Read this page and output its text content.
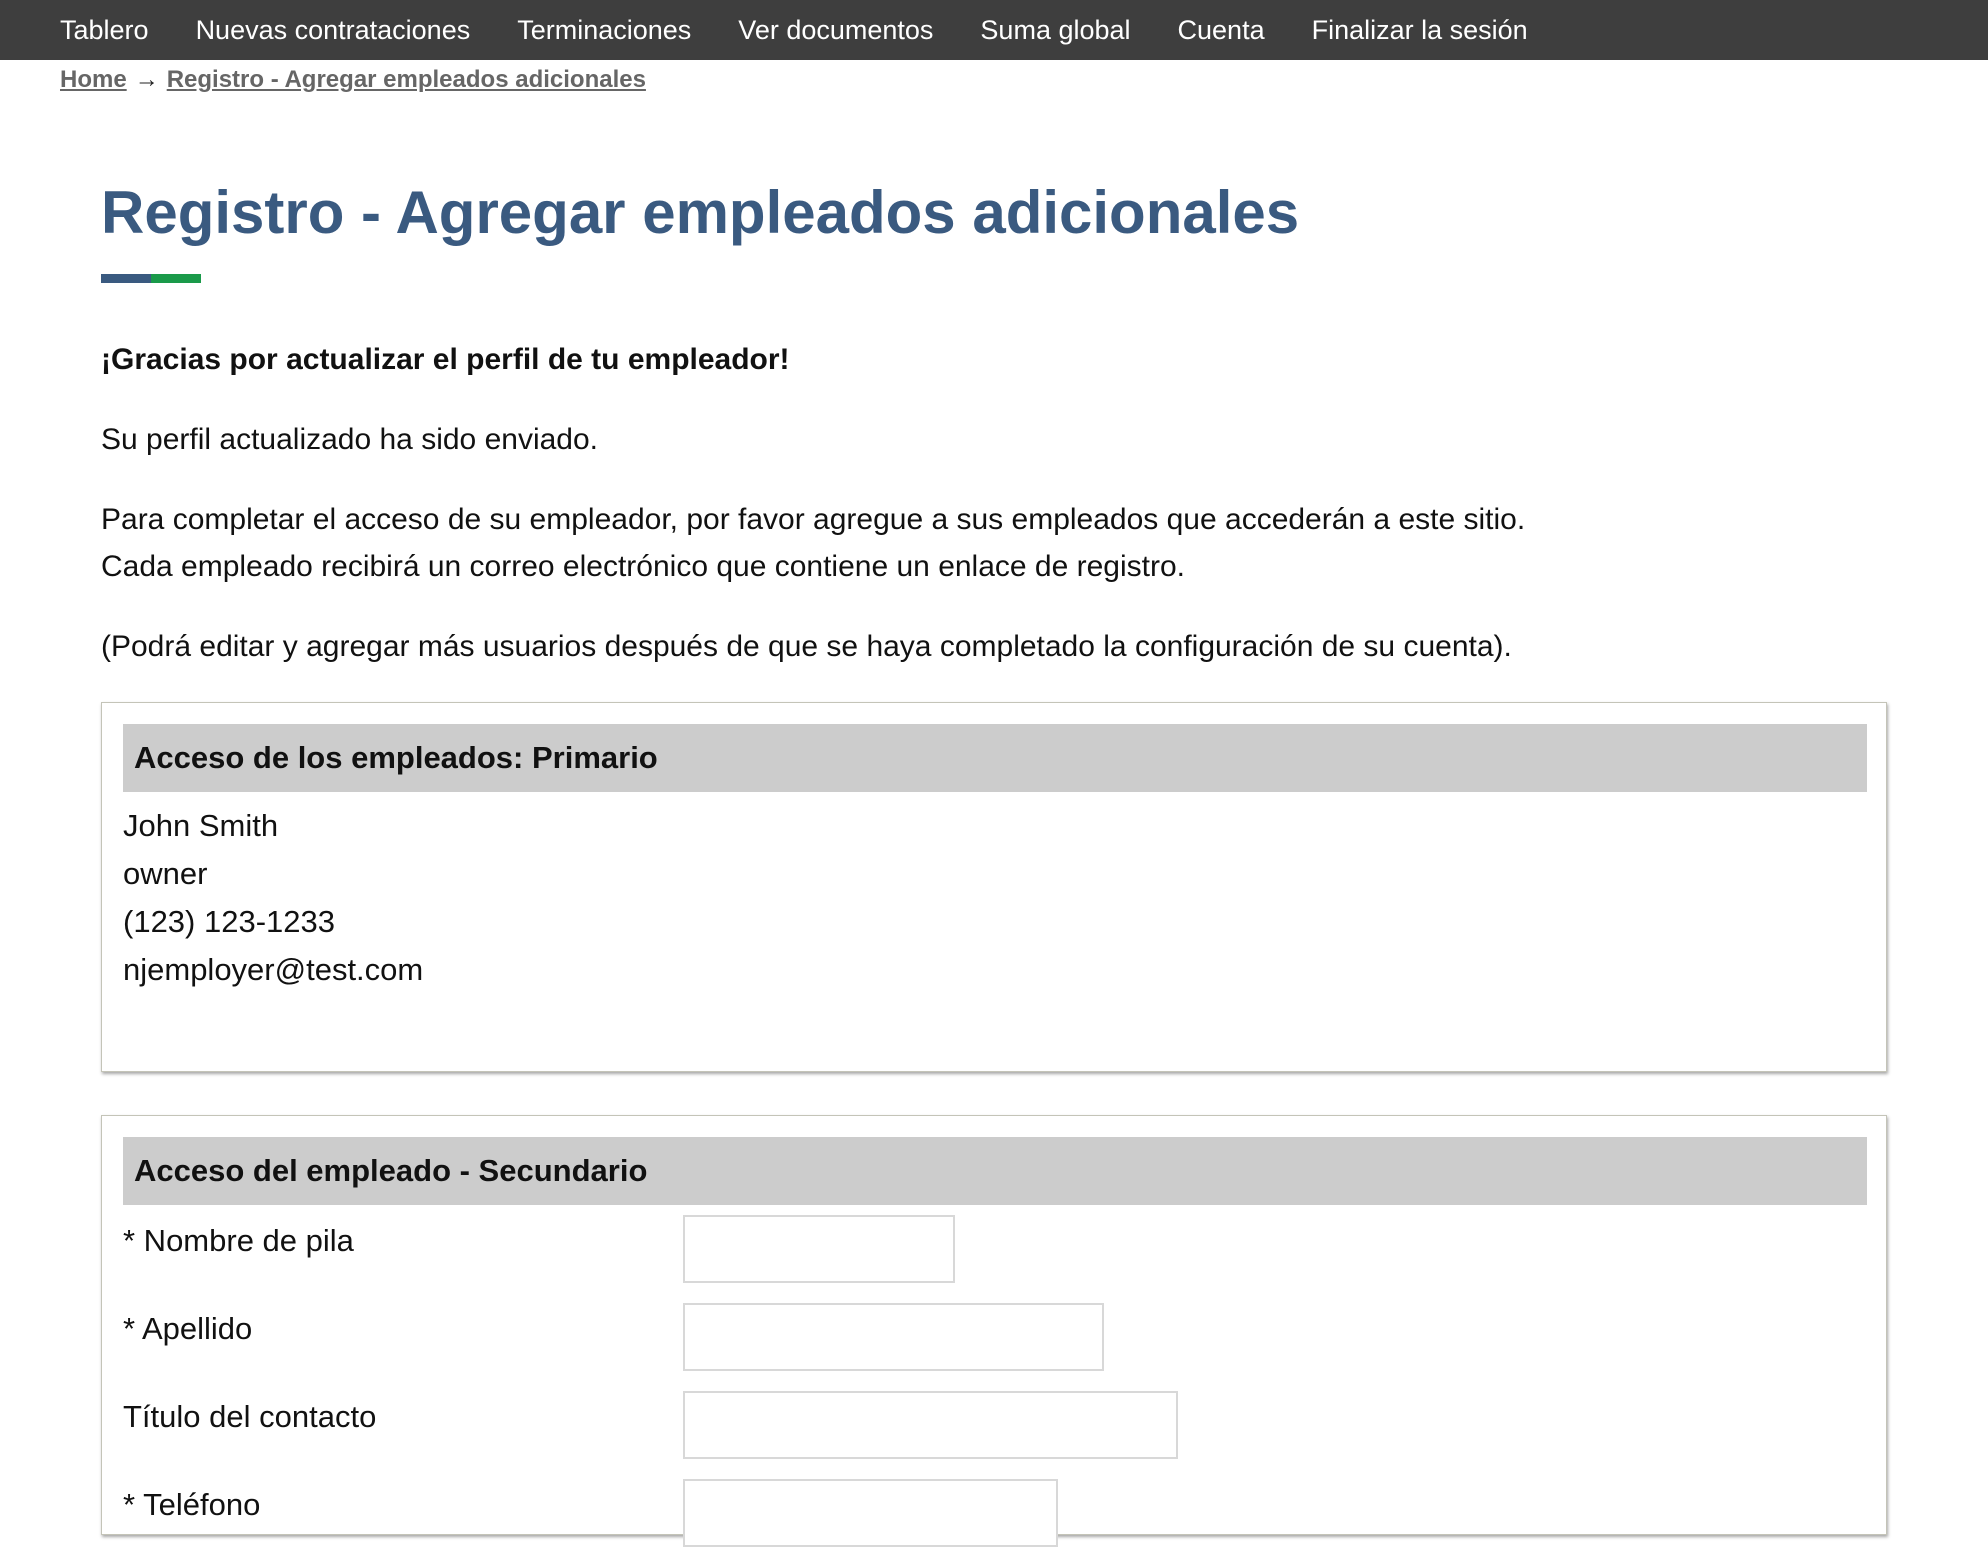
Tablero Nuevas contrataciones Terminaciones Ver documentos Suma global Cuenta Finalizar la sesión
Home → Registro - Agregar empleados adicionales
Registro - Agregar empleados adicionales
¡Gracias por actualizar el perfil de tu empleador!

Su perfil actualizado ha sido enviado.

Para completar el acceso de su empleador, por favor agregue a sus empleados que accederán a este sitio.
Cada empleado recibirá un correo electrónico que contiene un enlace de registro.

(Podrá editar y agregar más usuarios después de que se haya completado la configuración de su cuenta).

Acceso de los empleados: Primario
John Smith
owner
(123) 123-1233
njemployer@test.com
Acceso del empleado - Secundario
* Nombre de pila
* Apellido
Título del contacto
* Teléfono
